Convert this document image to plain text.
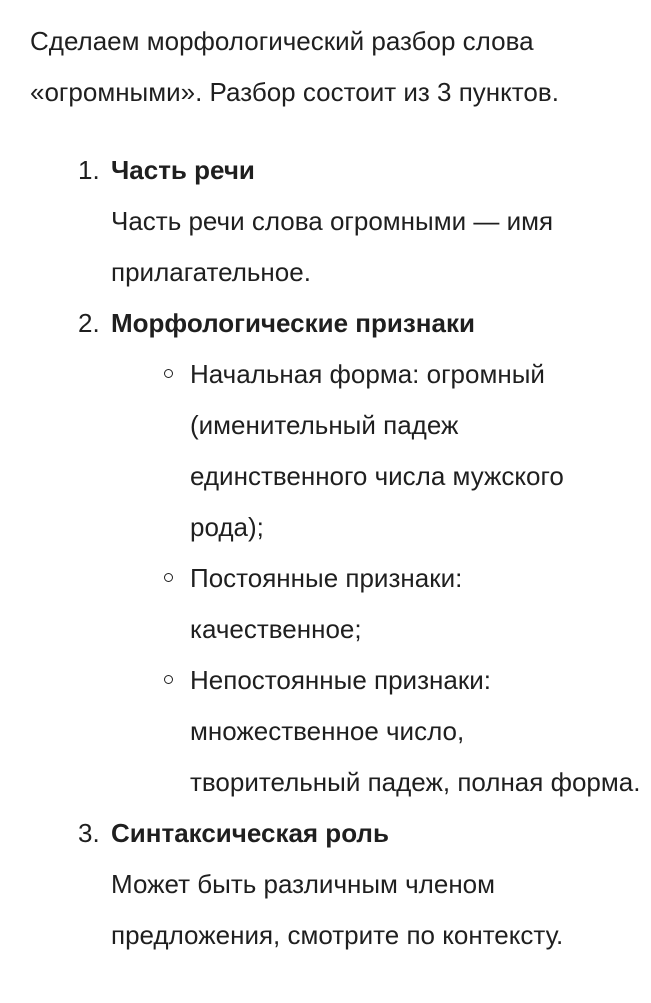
Сделаем морфологический разбор слова
«огромными». Разбор состоит из 3 пунктов.
1. Часть речи
Часть речи слова огромными — имя
прилагательное.
2. Морфологические признаки
Начальная форма: огромный
(именительный падеж
единственного числа мужского
рода);
Постоянные признаки:
качественное;
Непостоянные признаки:
множественное число,
творительный падеж, полная форма.
3. Синтаксическая роль
Может быть различным членом
предложения, смотрите по контексту.
